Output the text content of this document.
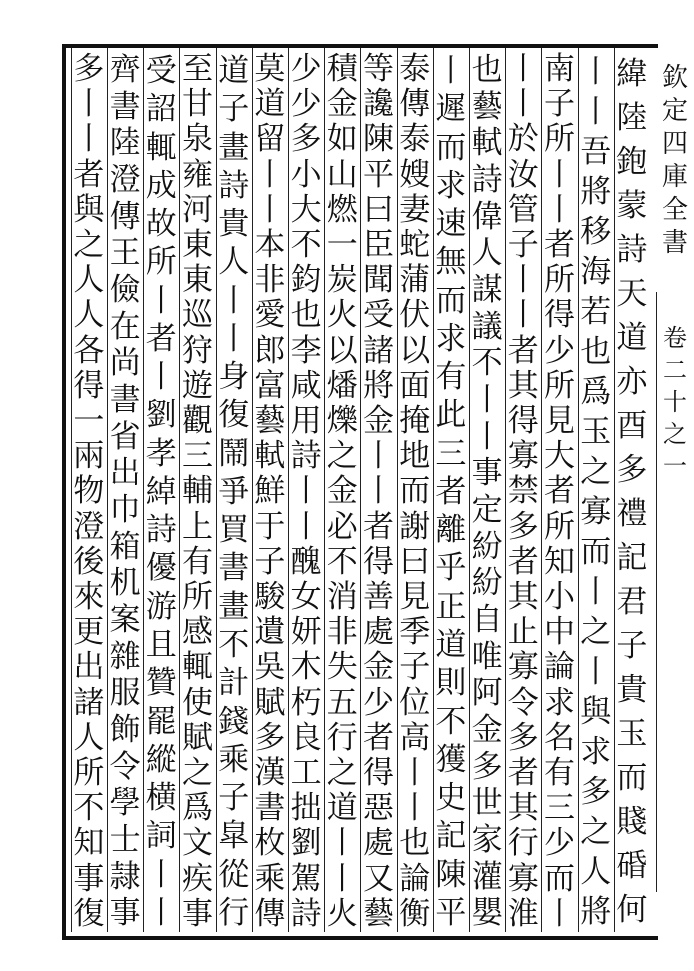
欽定四庫全書
卷二十之一
緯陸鉋蒙詩天道亦酉多禮記君子貴玉而賤碈何
丨丨吾將移海若也爲玉之寡而丨之丨與求多之人將
南子所丨丨者所得少所見大者所知小中論求名有三少而丨
丨丨於汝管子丨丨者其得寡禁多者其止寡令多者其行寡淮
也藝軾詩偉人謀議不丨丨事定紛紛自唯阿金多世家灌嬰
丨遲而求速無而求有此三者離乎正道則不獲史記陳平
泰傳泰嫂妻蛇蒲伏以面掩地而謝曰見季子位高丨丨也論衡
等讒陳平曰臣聞受諸將金丨丨者得善處金少者得惡處又藝
積金如山燃一炭火以燔爍之金必不消非失五行之道丨丨火
少少多小大不鈞也李咸用詩丨丨醜女妍木朽良工拙劉駕詩
莫道留丨丨本非愛郎富藝軾鮮于子駿遺吳賦多漢書枚乘傳
道子畫詩貴人丨丨身復鬧爭買書畫不計錢乘子皐從行
至甘泉雍河東東巡狩遊觀三輔上有所感輒使賦之爲文疾事
受詔輒成故所丨者丨劉孝綽詩優游且贊罷縱横詞丨丨
齊書陸澄傳王儉在尚書省出巾箱机案雜服飾令學士隷事
多丨丨者與之人人各得一兩物澄後來更出諸人所不知事復
